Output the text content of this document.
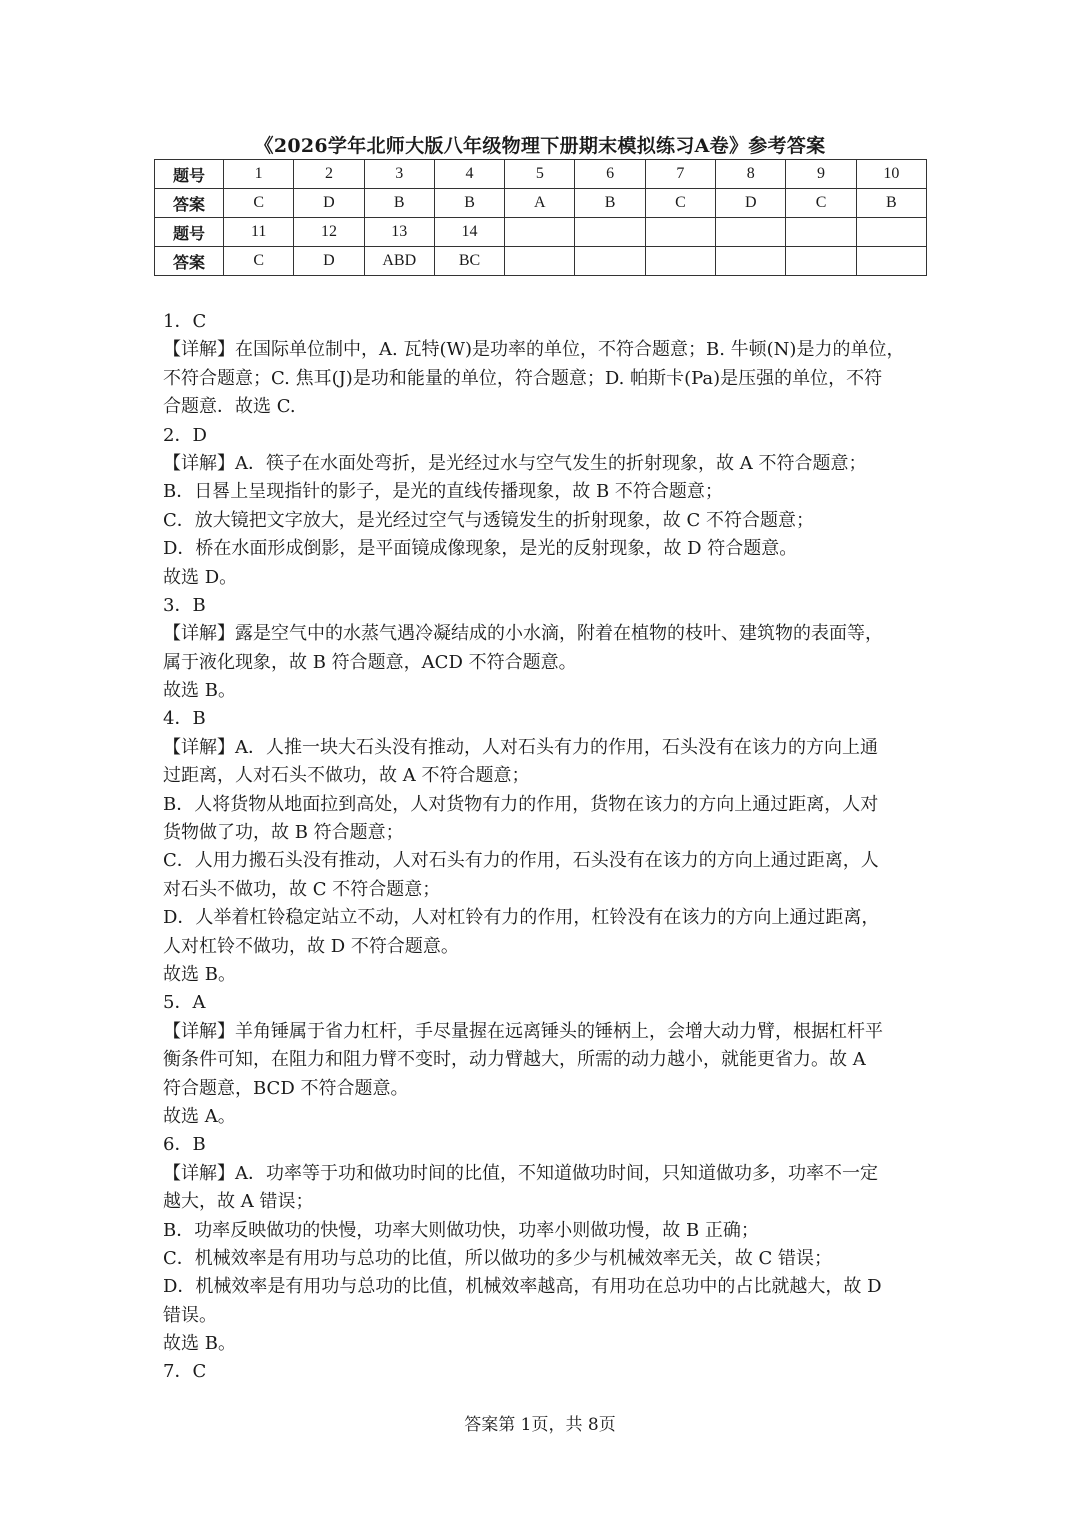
《2026学年北师大版八年级物理下册期末模拟练习A卷》参考答案
题号	1	2	3	4	5	6	7	8	9	10
答案	C	D	B	B	A	B	C	D	C	B
题号	11	12	13	14						
答案	C	D	ABD	BC						
1．C
【详解】在国际单位制中，A. 瓦特(W)是功率的单位，不符合题意；B. 牛顿(N)是力的单位，
不符合题意；C. 焦耳(J)是功和能量的单位，符合题意；D. 帕斯卡(Pa)是压强的单位，不符
合题意．故选 C.
2．D
【详解】A．筷子在水面处弯折，是光经过水与空气发生的折射现象，故 A 不符合题意；
B．日晷上呈现指针的影子，是光的直线传播现象，故 B 不符合题意；
C．放大镜把文字放大，是光经过空气与透镜发生的折射现象，故 C 不符合题意；
D．桥在水面形成倒影，是平面镜成像现象，是光的反射现象，故 D 符合题意。
故选 D。
3．B
【详解】露是空气中的水蒸气遇冷凝结成的小水滴，附着在植物的枝叶、建筑物的表面等，
属于液化现象，故 B 符合题意，ACD 不符合题意。
故选 B。
4．B
【详解】A．人推一块大石头没有推动，人对石头有力的作用，石头没有在该力的方向上通
过距离，人对石头不做功，故 A 不符合题意；
B．人将货物从地面拉到高处，人对货物有力的作用，货物在该力的方向上通过距离，人对
货物做了功，故 B 符合题意；
C．人用力搬石头没有推动，人对石头有力的作用，石头没有在该力的方向上通过距离，人
对石头不做功，故 C 不符合题意；
D．人举着杠铃稳定站立不动，人对杠铃有力的作用，杠铃没有在该力的方向上通过距离，
人对杠铃不做功，故 D 不符合题意。
故选 B。
5．A
【详解】羊角锤属于省力杠杆，手尽量握在远离锤头的锤柄上，会增大动力臂，根据杠杆平
衡条件可知，在阻力和阻力臂不变时，动力臂越大，所需的动力越小，就能更省力。故 A
符合题意，BCD 不符合题意。
故选 A。
6．B
【详解】A．功率等于功和做功时间的比值，不知道做功时间，只知道做功多，功率不一定
越大，故 A 错误；
B．功率反映做功的快慢，功率大则做功快，功率小则做功慢，故 B 正确；
C．机械效率是有用功与总功的比值，所以做功的多少与机械效率无关，故 C 错误；
D．机械效率是有用功与总功的比值，机械效率越高，有用功在总功中的占比就越大，故 D
错误。
故选 B。
7．C
答案第 1页，共 8页
